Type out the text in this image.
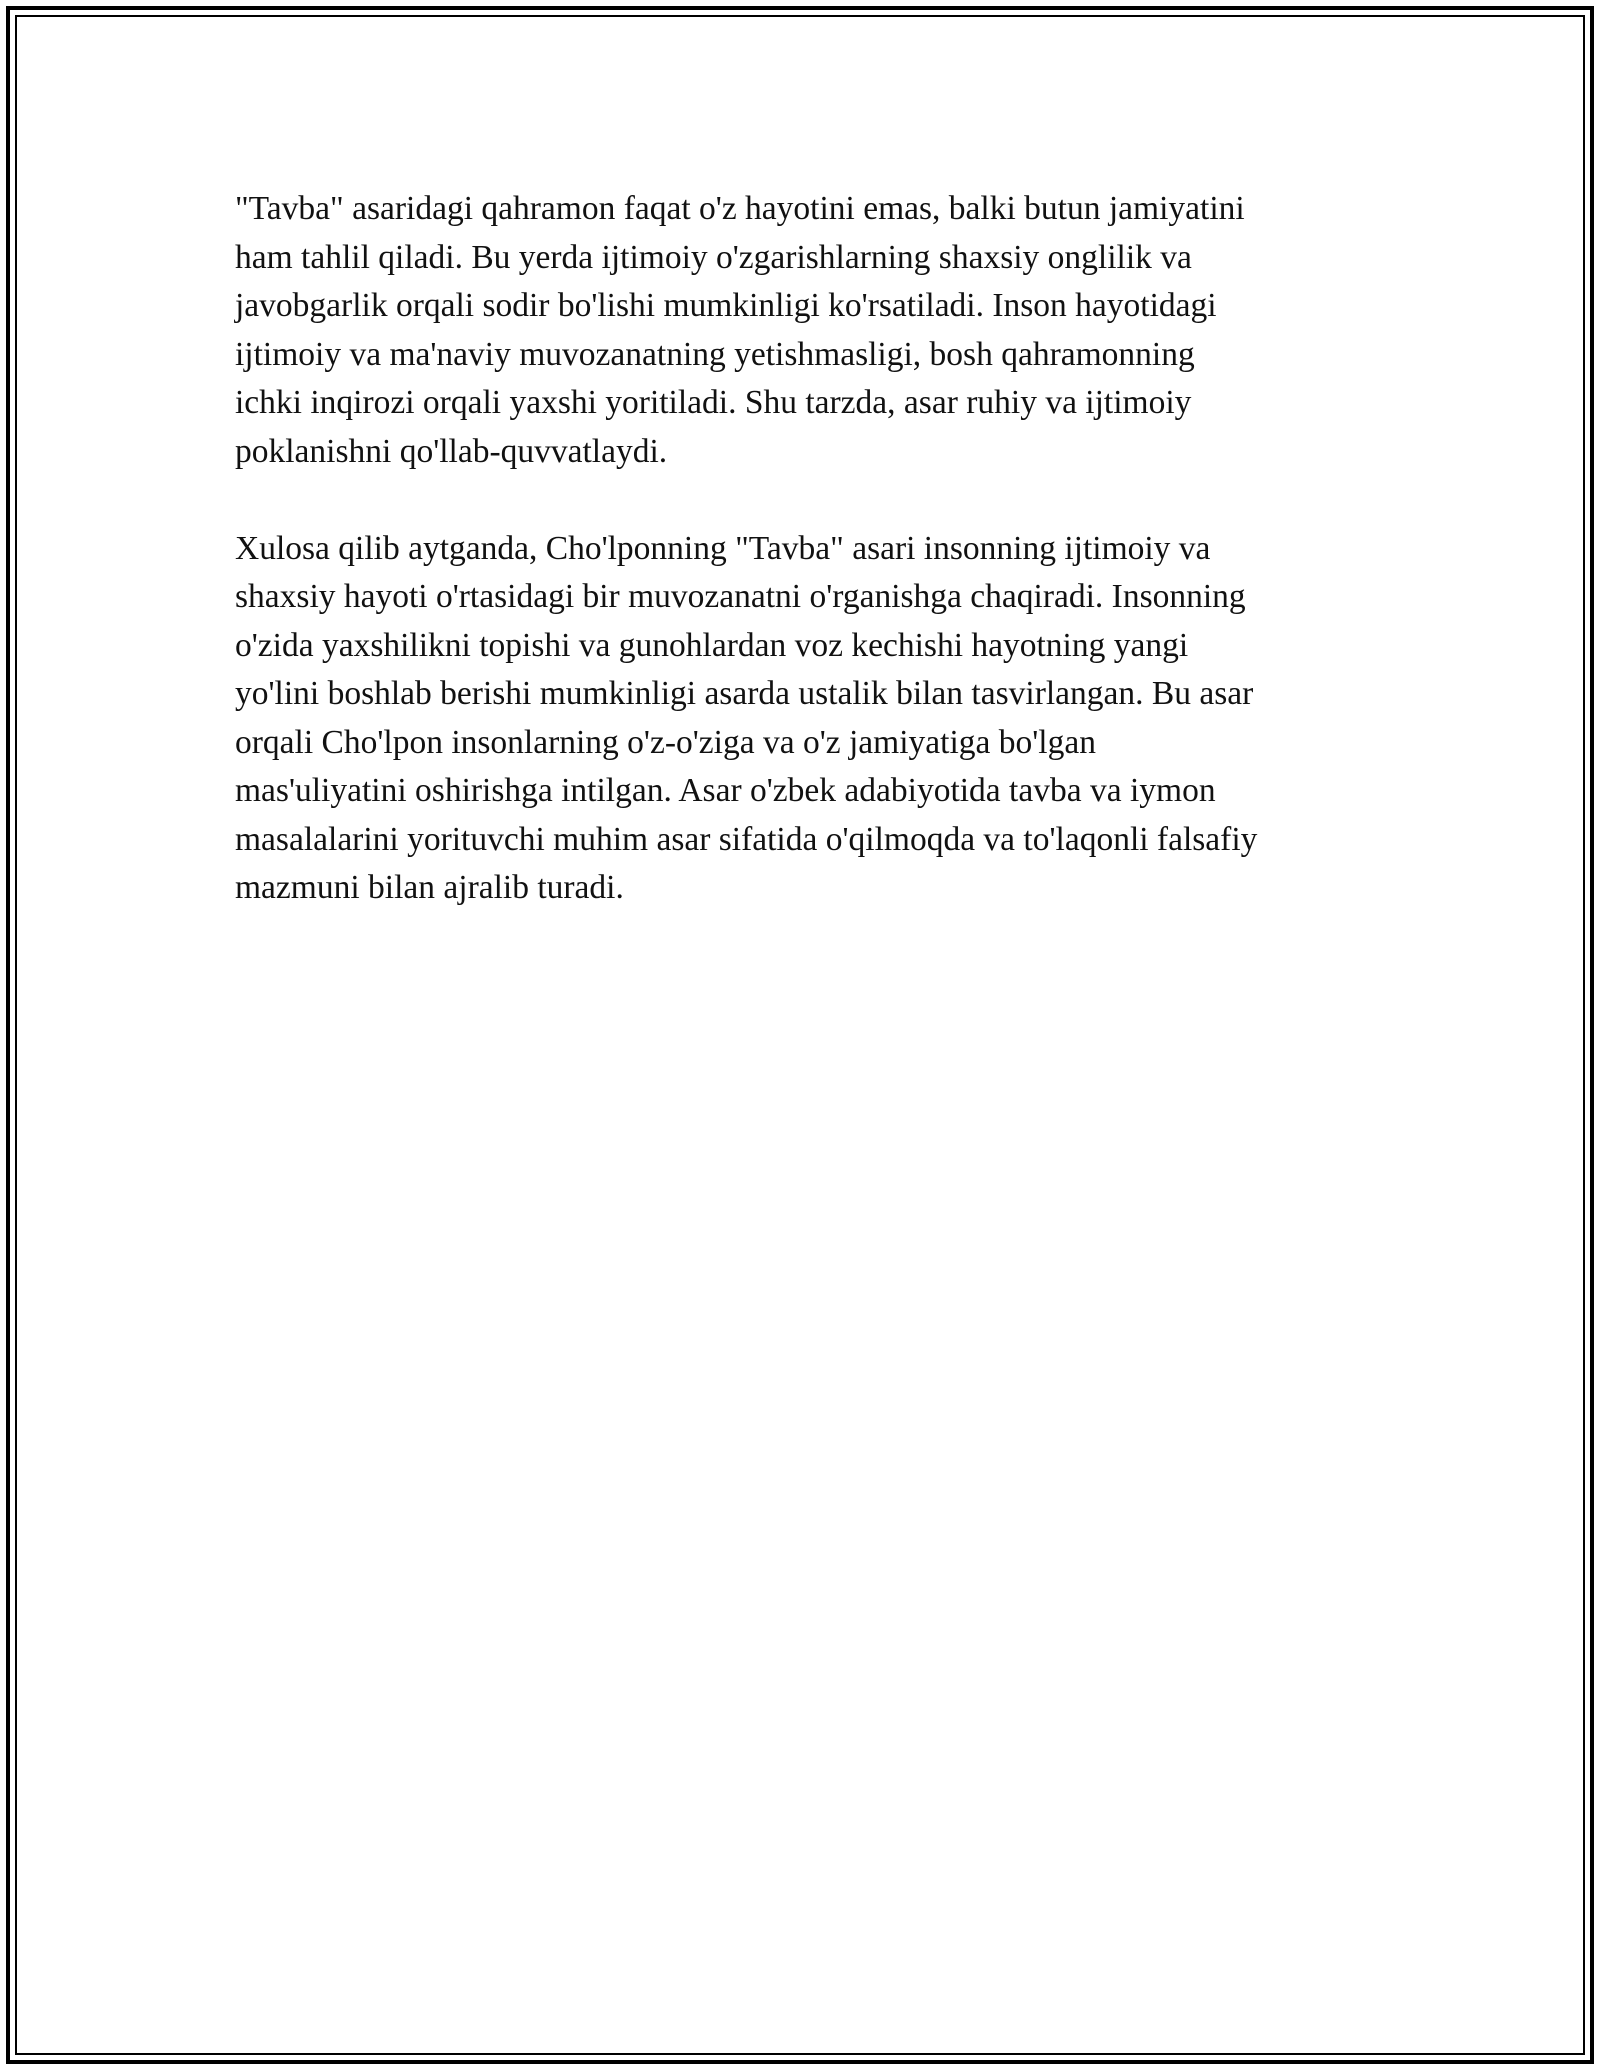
"Tavba" asaridagi qahramon faqat o'z hayotini emas, balki butun jamiyatini
ham tahlil qiladi. Bu yerda ijtimoiy o'zgarishlarning shaxsiy onglilik va
javobgarlik orqali sodir bo'lishi mumkinligi ko'rsatiladi. Inson hayotidagi
ijtimoiy va ma'naviy muvozanatning yetishmasligi, bosh qahramonning
ichki inqirozi orqali yaxshi yoritiladi. Shu tarzda, asar ruhiy va ijtimoiy
poklanishni qo'llab-quvvatlaydi.

Xulosa qilib aytganda, Cho'lponning "Tavba" asari insonning ijtimoiy va
shaxsiy hayoti o'rtasidagi bir muvozanatni o'rganishga chaqiradi. Insonning
o'zida yaxshilikni topishi va gunohlardan voz kechishi hayotning yangi
yo'lini boshlab berishi mumkinligi asarda ustalik bilan tasvirlangan. Bu asar
orqali Cho'lpon insonlarning o'z-o'ziga va o'z jamiyatiga bo'lgan
mas'uliyatini oshirishga intilgan. Asar o'zbek adabiyotida tavba va iymon
masalalarini yorituvchi muhim asar sifatida o'qilmoqda va to'laqonli falsafiy
mazmuni bilan ajralib turadi.
